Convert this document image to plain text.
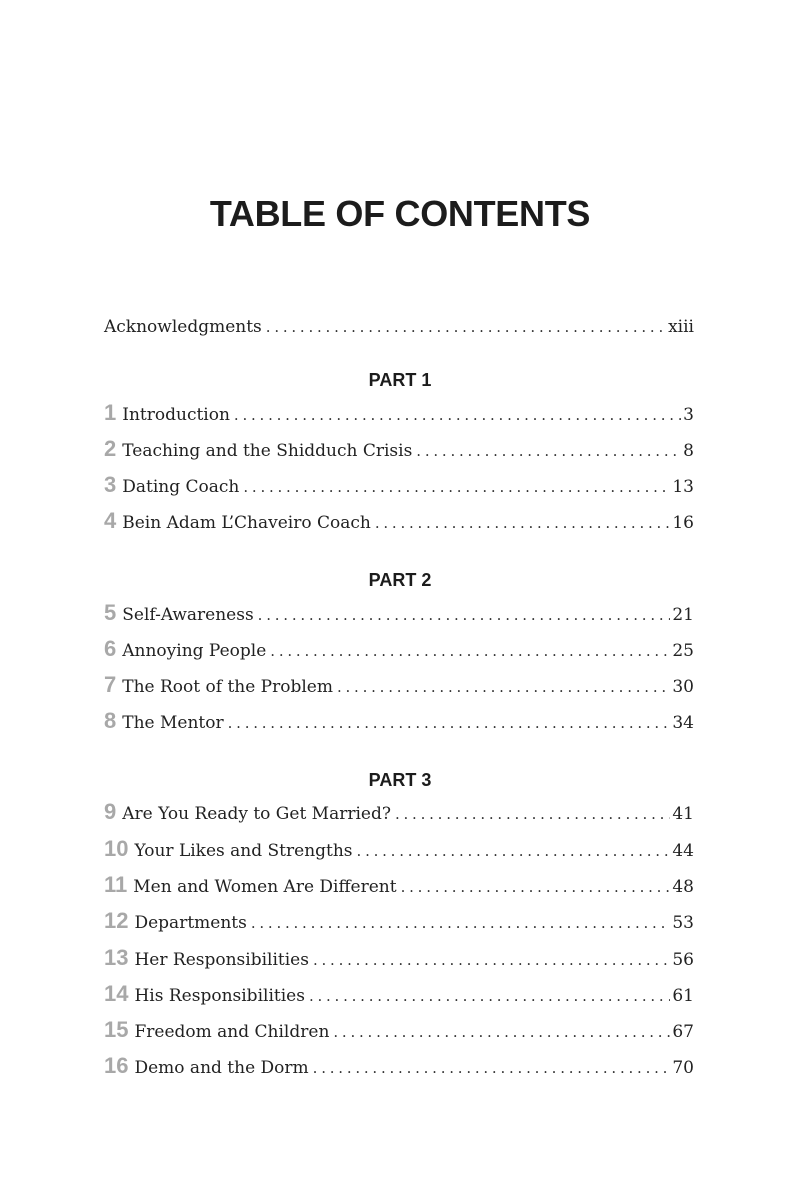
TABLE OF CONTENTS
Acknowledgments . . .	xiii
PART 1
1 Introduction . . .	3
2 Teaching and the Shidduch Crisis . . .	8
3 Dating Coach . . .	13
4 Bein Adam L’Chaveiro Coach . . .	16
PART 2
5 Self-Awareness . . .	21
6 Annoying People . . .	25
7 The Root of the Problem . . .	30
8 The Mentor . . .	34
PART 3
9 Are You Ready to Get Married? . . .	41
10 Your Likes and Strengths . . .	44
11 Men and Women Are Different . . .	48
12 Departments . . .	53
13 Her Responsibilities . . .	56
14 His Responsibilities . . .	61
15 Freedom and Children . . .	67
16 Demo and the Dorm . . .	70
